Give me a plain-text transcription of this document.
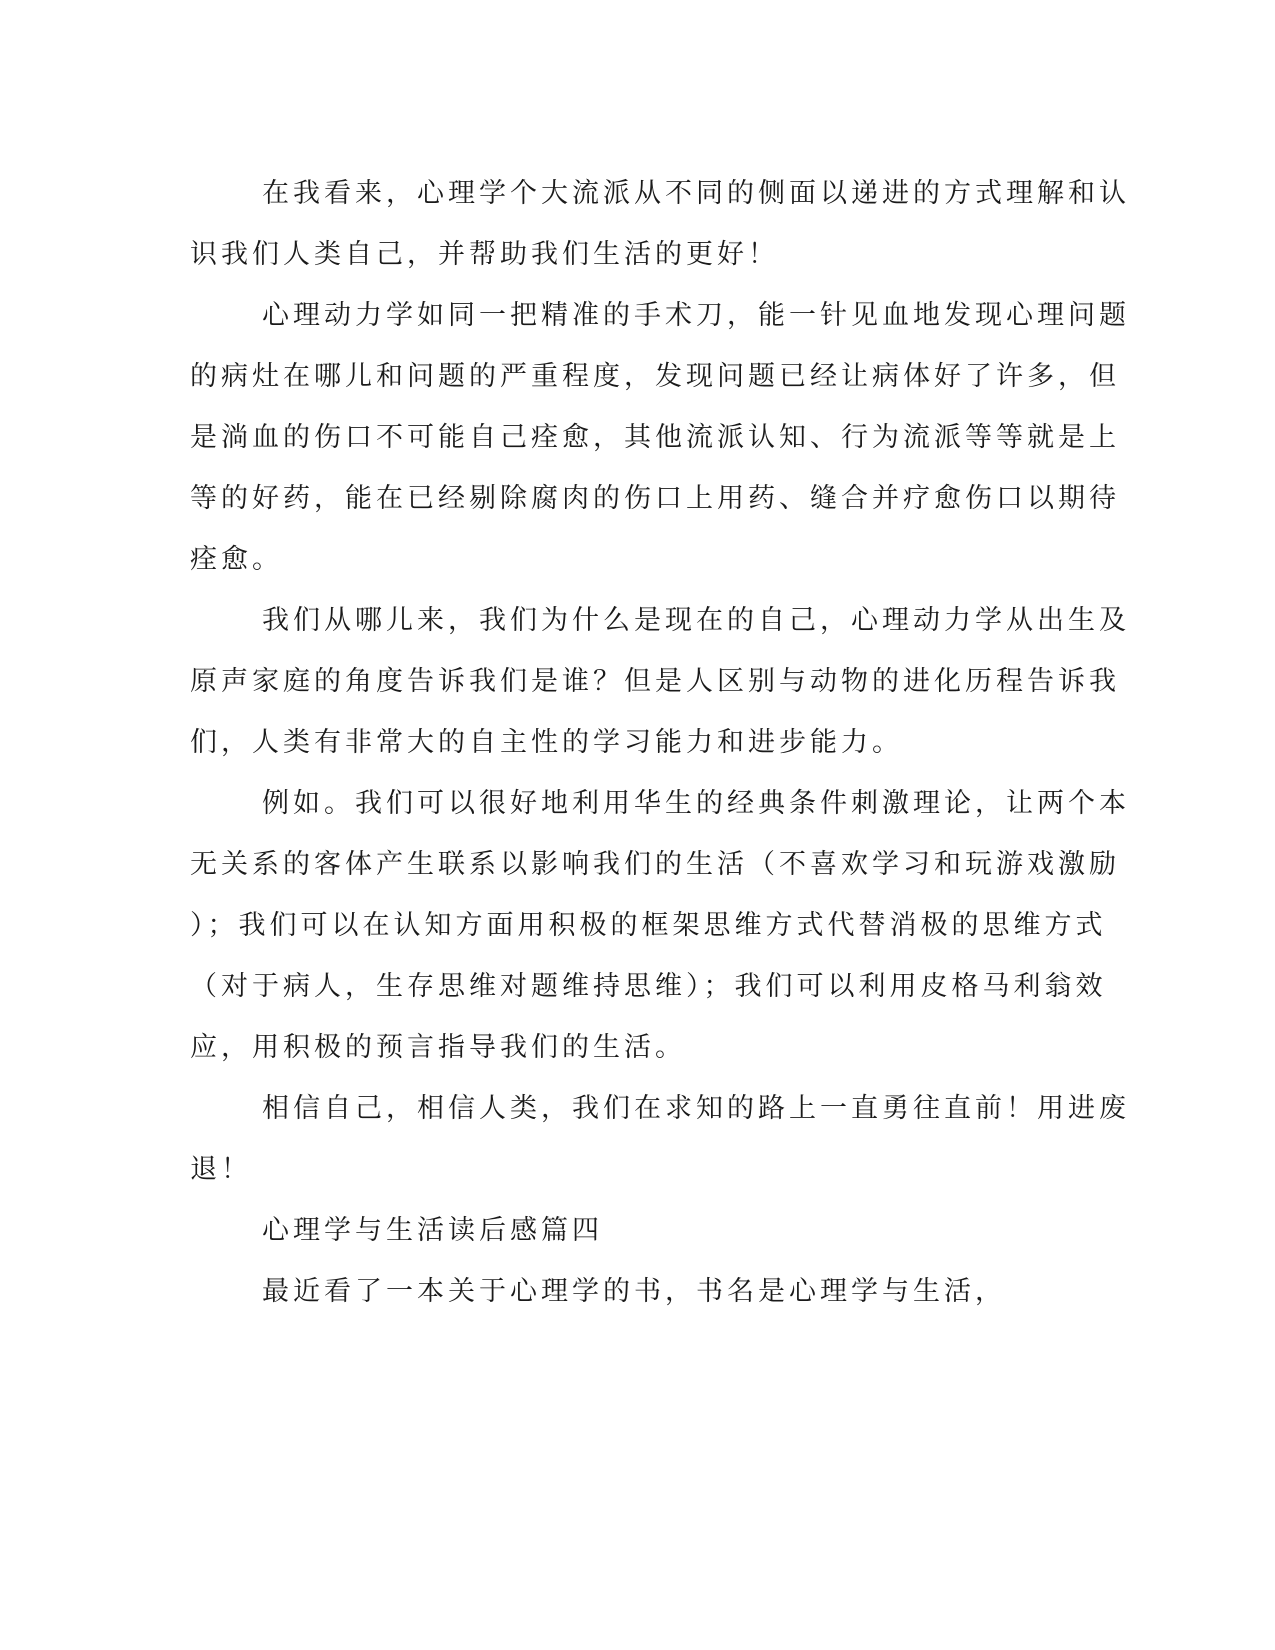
在我看来，心理学个大流派从不同的侧面以递进的方式理解和认
识我们人类自己，并帮助我们生活的更好！

心理动力学如同一把精准的手术刀，能一针见血地发现心理问题
的病灶在哪儿和问题的严重程度，发现问题已经让病体好了许多，但
是淌血的伤口不可能自己痊愈，其他流派认知、行为流派等等就是上
等的好药，能在已经剔除腐肉的伤口上用药、缝合并疗愈伤口以期待
痊愈。

我们从哪儿来，我们为什么是现在的自己，心理动力学从出生及
原声家庭的角度告诉我们是谁？但是人区别与动物的进化历程告诉我
们，人类有非常大的自主性的学习能力和进步能力。

例如。我们可以很好地利用华生的经典条件刺激理论，让两个本
无关系的客体产生联系以影响我们的生活（不喜欢学习和玩游戏激励
）；我们可以在认知方面用积极的框架思维方式代替消极的思维方式
（对于病人，生存思维对题维持思维）；我们可以利用皮格马利翁效
应，用积极的预言指导我们的生活。

相信自己，相信人类，我们在求知的路上一直勇往直前！用进废
退！

心理学与生活读后感篇四

最近看了一本关于心理学的书，书名是心理学与生活，
